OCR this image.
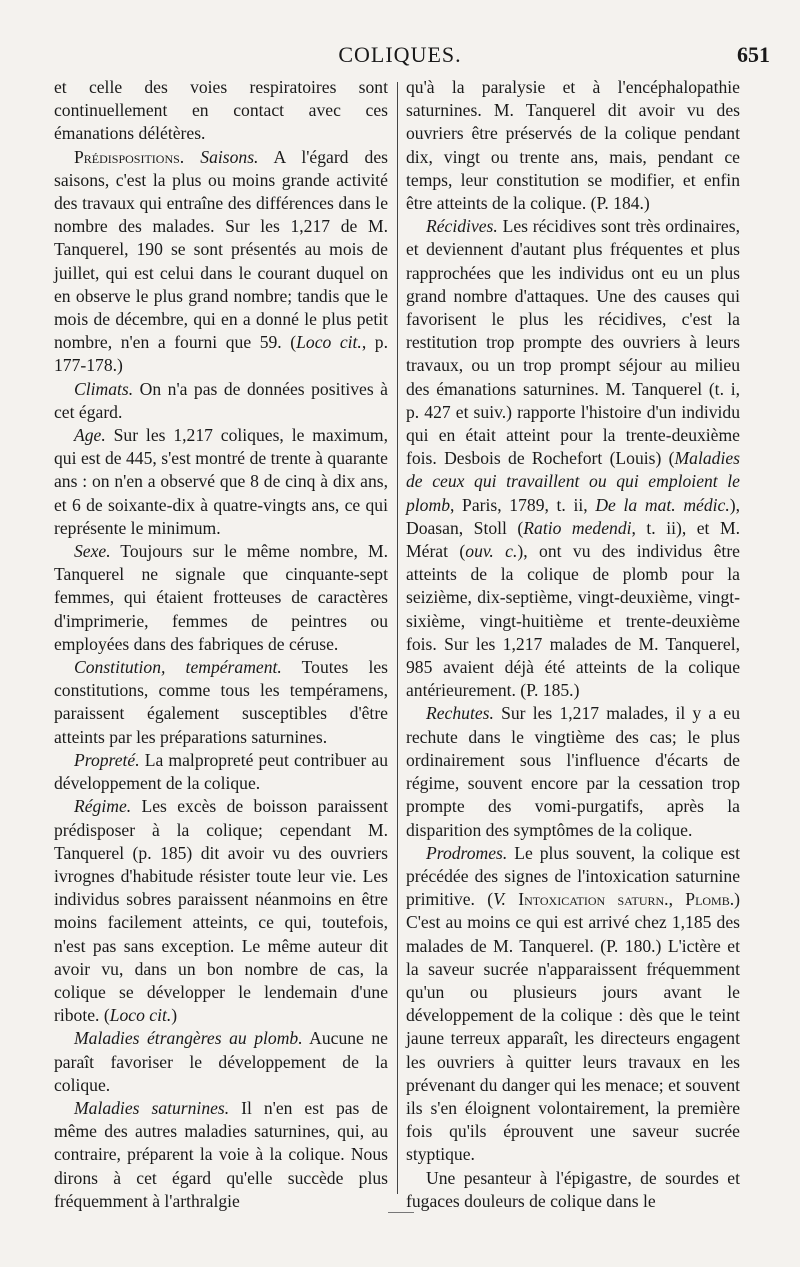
COLIQUES.	651

et celle des voies respiratoires sont continuellement en contact avec ces émanations délétères.

Prédispositions. Saisons. A l'égard des saisons, c'est la plus ou moins grande activité des travaux qui entraîne des différences dans le nombre des malades. Sur les 1,217 de M. Tanquerel, 190 se sont présentés au mois de juillet, qui est celui dans le courant duquel on en observe le plus grand nombre; tandis que le mois de décembre, qui en a donné le plus petit nombre, n'en a fourni que 59. (Loco cit., p. 177-178.)

Climats. On n'a pas de données positives à cet égard.

Age. Sur les 1,217 coliques, le maximum, qui est de 445, s'est montré de trente à quarante ans : on n'en a observé que 8 de cinq à dix ans, et 6 de soixante-dix à quatre-vingts ans, ce qui représente le minimum.

Sexe. Toujours sur le même nombre, M. Tanquerel ne signale que cinquante-sept femmes, qui étaient frotteuses de caractères d'imprimerie, femmes de peintres ou employées dans des fabriques de céruse.

Constitution, tempérament. Toutes les constitutions, comme tous les tempéramens, paraissent également susceptibles d'être atteints par les préparations saturnines.

Propreté. La malpropreté peut contribuer au développement de la colique.

Régime. Les excès de boisson paraissent prédisposer à la colique; cependant M. Tanquerel (p. 185) dit avoir vu des ouvriers ivrognes d'habitude résister toute leur vie. Les individus sobres paraissent néanmoins en être moins facilement atteints, ce qui, toutefois, n'est pas sans exception. Le même auteur dit avoir vu, dans un bon nombre de cas, la colique se développer le lendemain d'une ribote. (Loco cit.)

Maladies étrangères au plomb. Aucune ne paraît favoriser le développement de la colique.

Maladies saturnines. Il n'en est pas de même des autres maladies saturnines, qui, au contraire, préparent la voie à la colique. Nous dirons à cet égard qu'elle succède plus fréquemment à l'arthralgie

qu'à la paralysie et à l'encéphalopathie saturnines. M. Tanquerel dit avoir vu des ouvriers être préservés de la colique pendant dix, vingt ou trente ans, mais, pendant ce temps, leur constitution se modifier, et enfin être atteints de la colique. (P. 184.)

Récidives. Les récidives sont très ordinaires, et deviennent d'autant plus fréquentes et plus rapprochées que les individus ont eu un plus grand nombre d'attaques. Une des causes qui favorisent le plus les récidives, c'est la restitution trop prompte des ouvriers à leurs travaux, ou un trop prompt séjour au milieu des émanations saturnines. M. Tanquerel (t. i, p. 427 et suiv.) rapporte l'histoire d'un individu qui en était atteint pour la trente-deuxième fois. Desbois de Rochefort (Louis) (Maladies de ceux qui travaillent ou qui emploient le plomb, Paris, 1789, t. ii, De la mat. médic.), Doasan, Stoll (Ratio medendi, t. ii), et M. Mérat (ouv. c.), ont vu des individus être atteints de la colique de plomb pour la seizième, dix-septième, vingt-deuxième, vingt-sixième, vingt-huitième et trente-deuxième fois. Sur les 1,217 malades de M. Tanquerel, 985 avaient déjà été atteints de la colique antérieurement. (P. 185.)

Rechutes. Sur les 1,217 malades, il y a eu rechute dans le vingtième des cas; le plus ordinairement sous l'influence d'écarts de régime, souvent encore par la cessation trop prompte des vomi-purgatifs, après la disparition des symptômes de la colique.

Prodromes. Le plus souvent, la colique est précédée des signes de l'intoxication saturnine primitive. (V. Intoxication saturn., Plomb.) C'est au moins ce qui est arrivé chez 1,185 des malades de M. Tanquerel. (P. 180.) L'ictère et la saveur sucrée n'apparaissent fréquemment qu'un ou plusieurs jours avant le développement de la colique : dès que le teint jaune terreux apparaît, les directeurs engagent les ouvriers à quitter leurs travaux en les prévenant du danger qui les menace; et souvent ils s'en éloignent volontairement, la première fois qu'ils éprouvent une saveur sucrée styptique.

Une pesanteur à l'épigastre, de sourdes et fugaces douleurs de colique dans le
